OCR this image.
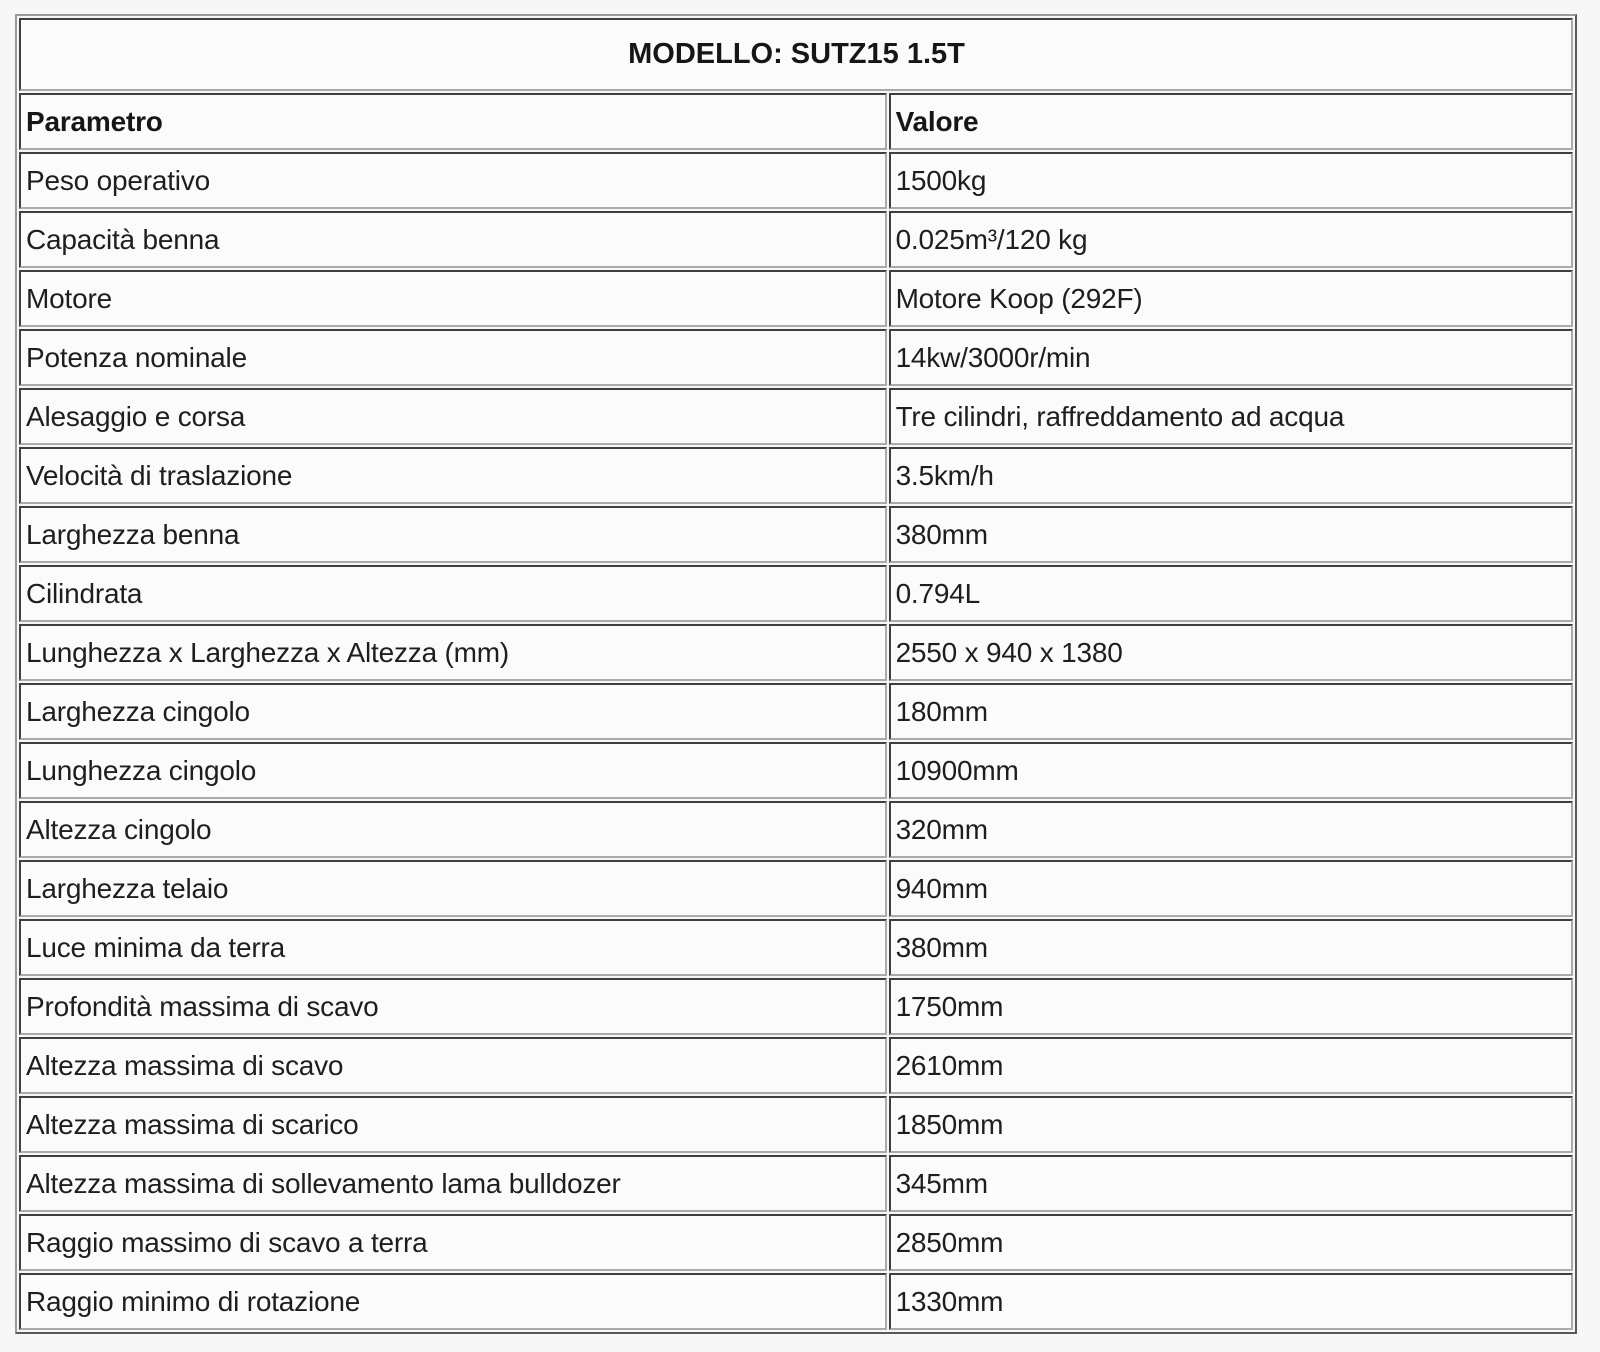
MODELLO: SUTZ15 1.5T	
Parametro	Valore
Peso operativo	1500kg
Capacità benna	0.025m³/120 kg
Motore	Motore Koop (292F)
Potenza nominale	14kw/3000r/min
Alesaggio e corsa	Tre cilindri, raffreddamento ad acqua
Velocità di traslazione	3.5km/h
Larghezza benna	380mm
Cilindrata	0.794L
Lunghezza x Larghezza x Altezza (mm)	2550 x 940 x 1380
Larghezza cingolo	180mm
Lunghezza cingolo	10900mm
Altezza cingolo	320mm
Larghezza telaio	940mm
Luce minima da terra	380mm
Profondità massima di scavo	1750mm
Altezza massima di scavo	2610mm
Altezza massima di scarico	1850mm
Altezza massima di sollevamento lama bulldozer	345mm
Raggio massimo di scavo a terra	2850mm
Raggio minimo di rotazione	1330mm
